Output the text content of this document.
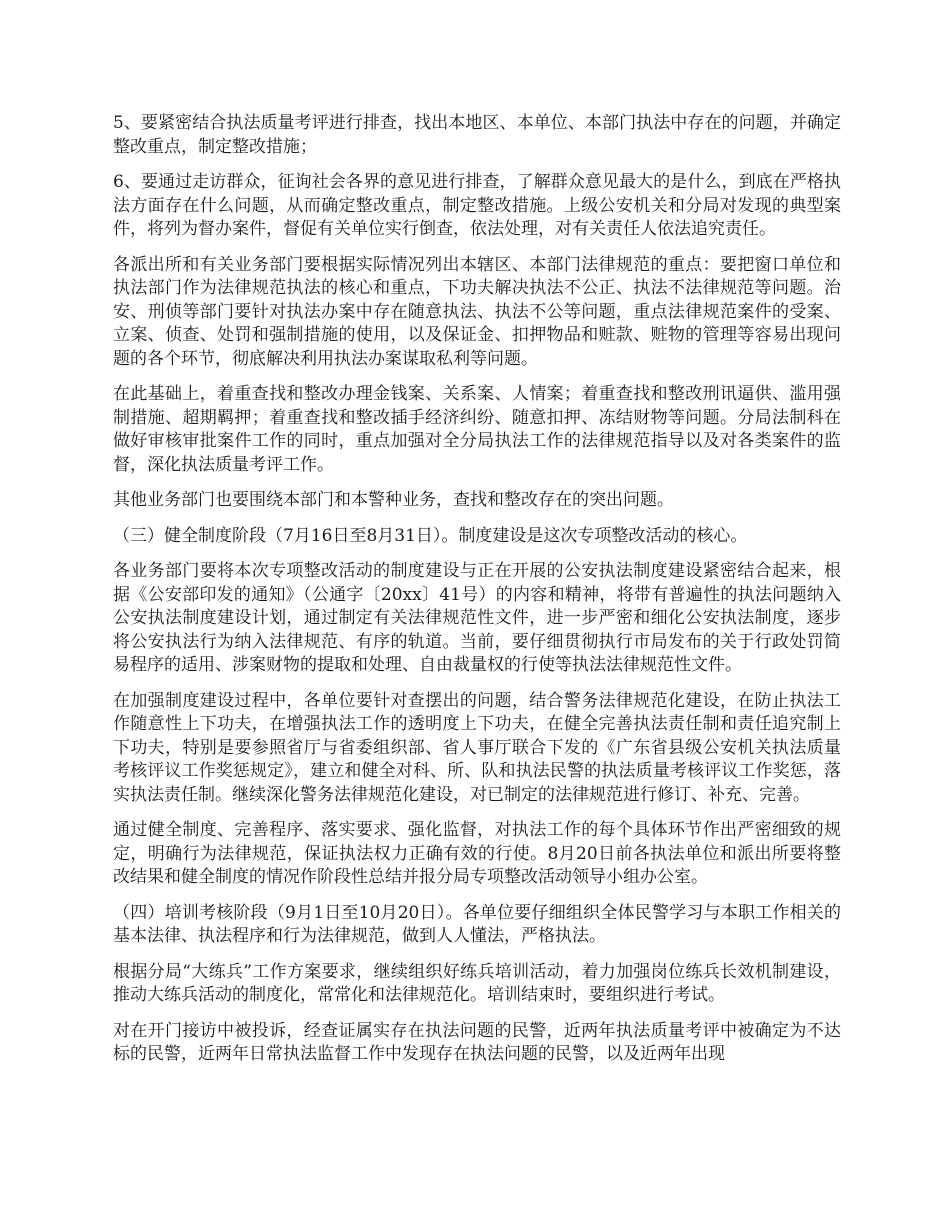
5、要紧密结合执法质量考评进行排查，找出本地区、本单位、本部门执法中存在的问题，并确定整改重点，制定整改措施；

6、要通过走访群众，征询社会各界的意见进行排查，了解群众意见最大的是什么，到底在严格执法方面存在什么问题，从而确定整改重点，制定整改措施。上级公安机关和分局对发现的典型案件，将列为督办案件，督促有关单位实行倒查，依法处理，对有关责任人依法追究责任。

各派出所和有关业务部门要根据实际情况列出本辖区、本部门法律规范的重点：要把窗口单位和执法部门作为法律规范执法的核心和重点，下功夫解决执法不公正、执法不法律规范等问题。治安、刑侦等部门要针对执法办案中存在随意执法、执法不公等问题，重点法律规范案件的受案、立案、侦查、处罚和强制措施的使用，以及保证金、扣押物品和赃款、赃物的管理等容易出现问题的各个环节，彻底解决利用执法办案谋取私利等问题。

在此基础上，着重查找和整改办理金钱案、关系案、人情案；着重查找和整改刑讯逼供、滥用强制措施、超期羁押；着重查找和整改插手经济纠纷、随意扣押、冻结财物等问题。分局法制科在做好审核审批案件工作的同时，重点加强对全分局执法工作的法律规范指导以及对各类案件的监督，深化执法质量考评工作。

其他业务部门也要围绕本部门和本警种业务，查找和整改存在的突出问题。

（三）健全制度阶段（7月16日至8月31日）。制度建设是这次专项整改活动的核心。

各业务部门要将本次专项整改活动的制度建设与正在开展的公安执法制度建设紧密结合起来，根据《公安部印发的通知》（公通字〔20xx〕41号）的内容和精神，将带有普遍性的执法问题纳入公安执法制度建设计划，通过制定有关法律规范性文件，进一步严密和细化公安执法制度，逐步将公安执法行为纳入法律规范、有序的轨道。当前，要仔细贯彻执行市局发布的关于行政处罚简易程序的适用、涉案财物的提取和处理、自由裁量权的行使等执法法律规范性文件。

在加强制度建设过程中，各单位要针对查摆出的问题，结合警务法律规范化建设，在防止执法工作随意性上下功夫，在增强执法工作的透明度上下功夫，在健全完善执法责任制和责任追究制上下功夫，特别是要参照省厅与省委组织部、省人事厅联合下发的《广东省县级公安机关执法质量考核评议工作奖惩规定》，建立和健全对科、所、队和执法民警的执法质量考核评议工作奖惩，落实执法责任制。继续深化警务法律规范化建设，对已制定的法律规范进行修订、补充、完善。

通过健全制度、完善程序、落实要求、强化监督，对执法工作的每个具体环节作出严密细致的规定，明确行为法律规范，保证执法权力正确有效的行使。8月20日前各执法单位和派出所要将整改结果和健全制度的情况作阶段性总结并报分局专项整改活动领导小组办公室。

（四）培训考核阶段（9月1日至10月20日）。各单位要仔细组织全体民警学习与本职工作相关的基本法律、执法程序和行为法律规范，做到人人懂法，严格执法。

根据分局“大练兵”工作方案要求，继续组织好练兵培训活动，着力加强岗位练兵长效机制建设，推动大练兵活动的制度化，常常化和法律规范化。培训结束时，要组织进行考试。

对在开门接访中被投诉，经查证属实存在执法问题的民警，近两年执法质量考评中被确定为不达标的民警，近两年日常执法监督工作中发现存在执法问题的民警，以及近两年出现
